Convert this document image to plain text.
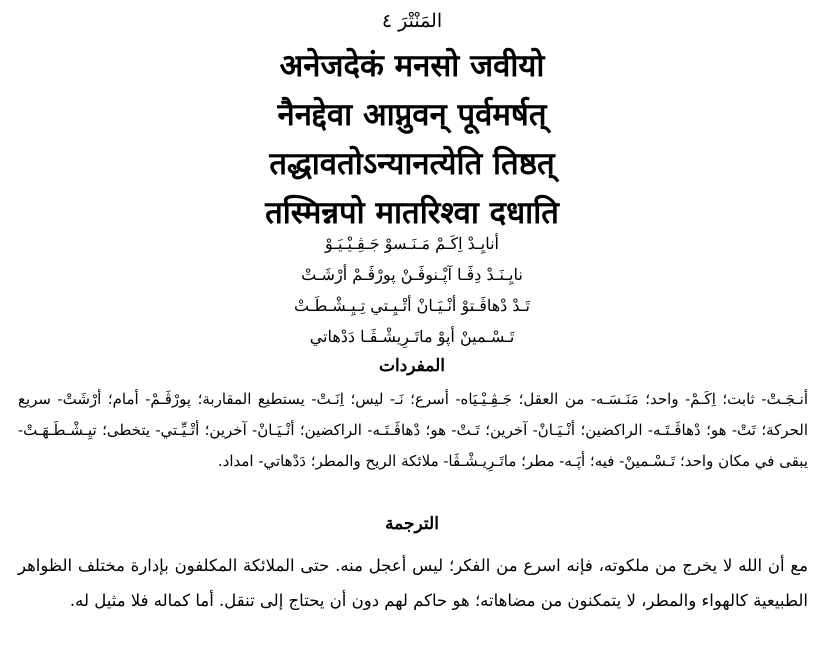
المَنْتْرَ ٤
अनेजदेकं मनसो जवीयो
नैनद्देवा आप्नुवन् पूर्वमर्षत्
तद्धावतोऽन्यानत्येति तिष्ठत्
तस्मिन्नपो मातरिश्वा दधाति
أنايِـدْ اِكَـمْ مَـنَـسوْ جَـڤِـيْـيَـوْ
نايِـنَـدْ دِڤَـا آپْـنوڤَـنْ پورْڤَـمْ أرْشَـتْ
تَـدْ دْهاڤَـتوْ أنْـيَـانْ أتْـيِـتي تِـيِـشْـطَـتْ
تَـسْـمينْ أپوْ ماتَـرِيشْـڤَـا دَدْهاتي
المفردات

أنـجَـتْ- ثابت؛ اِكَـمْ- واحد؛ مَنَـسَـه- من العقل؛ جَـڤِـيْـيَاه- أسرع؛ نَـ- ليس؛ اِنَـتْ- يستطيع المقاربة؛ پورْڤَـمْ- أمام؛ أرْشَتْ- سريع الحركة؛ تَتْ- هو؛ دْهاڤَـتَـه- الراكضين؛ أنْـيَـانْ- آخرين؛ تَـتْ- هو؛ دْهاڤَـتَـه- الراكضين؛ أنْـيَـانْ- آخرين؛ أتْـيِّـتي- يتخطى؛ تيِـشْـطَـهَـتْ- يبقى في مكان واحد؛ تَـسْـمينْ- فيه؛ أپَـه- مطر؛ ماتَـرِيـشْـڤَا- ملائكة الريح والمطر؛ دَدْهاتي- امداد.

الترجمة

مع أن الله لا يخرج من ملكوته، فإنه اسرع من الفكر؛ ليس أعجل منه. حتى الملائكة المكلفون بإدارة مختلف الظواهر الطبيعية كالهواء والمطر، لا يتمكنون من مضاهاته؛ هو حاكم لهم دون أن يحتاج إلى تنقل. أما كماله فلا مثيل له.
